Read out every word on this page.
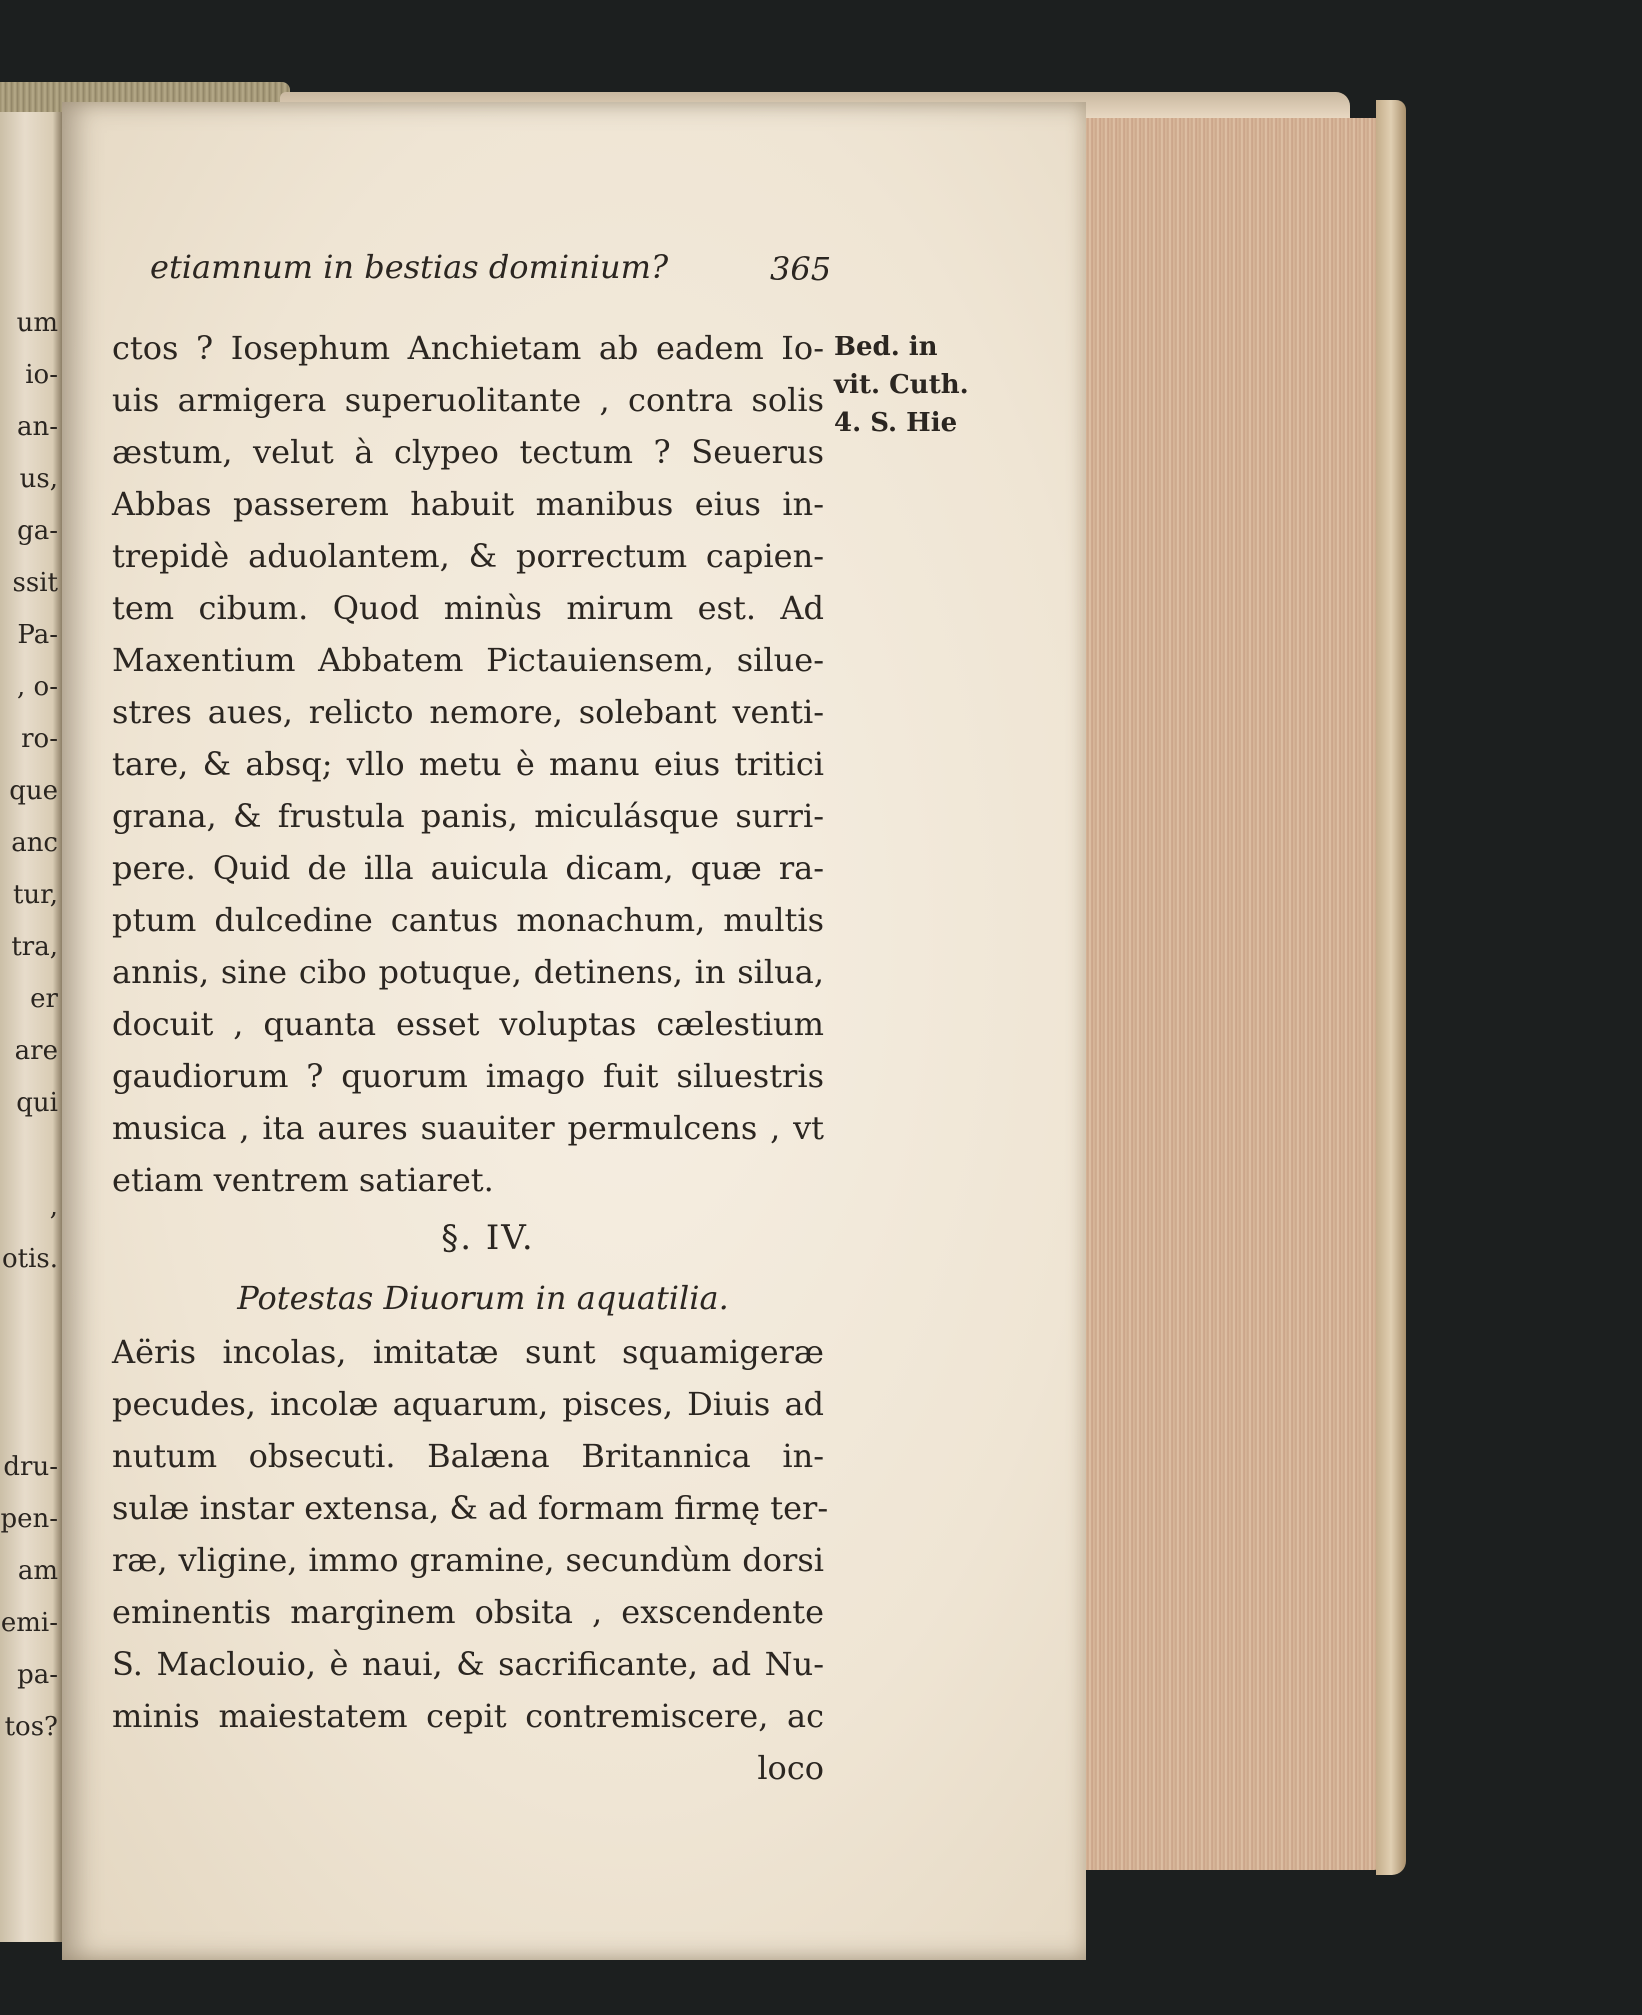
um
io-
an-
us,
ga-
ssit
Pa-
, o-
ro-
que
anc
tur,
tra,
er
are
qui
,
otis.
dru-
pen-
am
emi-
pa-
tos?
etiamnum in bestias dominium?	365
Bed. in
vit. Cuth.
4. S. Hie
ctos ? Iosephum Anchietam ab eadem Io-
uis armigera superuolitante , contra solis
æstum, velut à clypeo tectum ? Seuerus
Abbas passerem habuit manibus eius in-
trepidè aduolantem, & porrectum capien-
tem cibum. Quod minùs mirum est. Ad
Maxentium Abbatem Pictauiensem, silue-
stres aues, relicto nemore, solebant venti-
tare, & absq; vllo metu è manu eius tritici
grana, & frustula panis, miculásque surri-
pere. Quid de illa auicula dicam, quæ ra-
ptum dulcedine cantus monachum, multis
annis, sine cibo potuque, detinens, in silua,
docuit , quanta esset voluptas cælestium
gaudiorum ? quorum imago fuit siluestris
musica , ita aures suauiter permulcens , vt
etiam ventrem satiaret.
§. IV.
Potestas Diuorum in aquatilia.
Aëris incolas, imitatæ sunt squamigeræ
pecudes, incolæ aquarum, pisces, Diuis ad
nutum obsecuti. Balæna Britannica in-
sulæ instar extensa, & ad formam firmę ter-
ræ, vligine, immo gramine, secundùm dorsi
eminentis marginem obsita , exscendente
S. Maclouio, è naui, & sacrificante, ad Nu-
minis maiestatem cepit contremiscere, ac
loco
